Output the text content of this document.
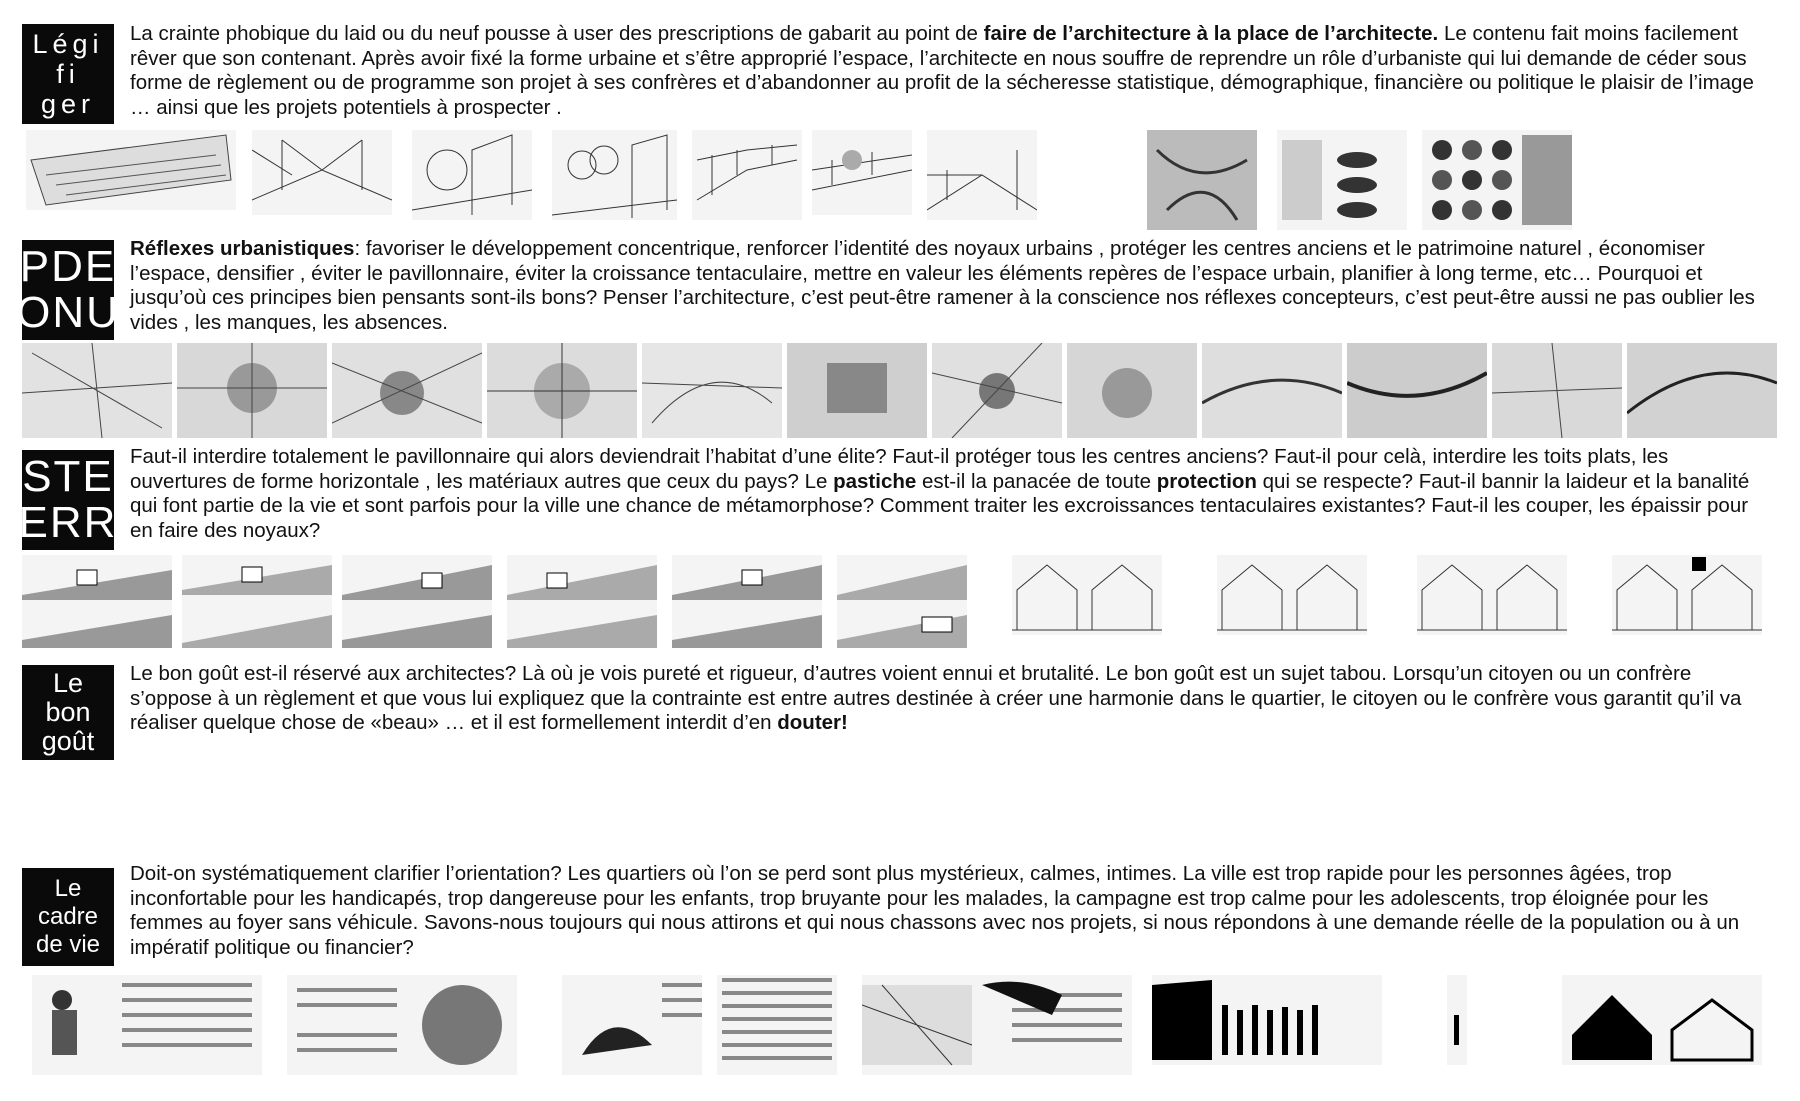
Légi
fi
ger
La crainte phobique du laid ou du neuf pousse à user des prescriptions de gabarit au point de faire de l’architecture à la place de l’architecte. Le contenu fait moins facilement rêver que son contenant. Après avoir fixé la forme urbaine et s’être approprié l’espace, l’architecte en nous souffre de reprendre un rôle d’urbaniste qui lui demande de céder sous forme de règlement ou de programme son projet à ses confrères et d’abandonner au profit de la sécheresse statistique, démographique, financière ou politique le plaisir de l’image … ainsi que les projets potentiels à prospecter .
PDE
ONU
Réflexes urbanistiques: favoriser le développement concentrique, renforcer l’identité des noyaux urbains , protéger les centres anciens et le patrimoine naturel , économiser l’espace, densifier , éviter le pavillonnaire, éviter la croissance tentaculaire, mettre en valeur les éléments repères de l’espace urbain, planifier à long terme, etc… Pourquoi et jusqu’où ces principes bien pensants sont-ils bons? Penser l’architecture, c’est peut-être ramener à la conscience nos réflexes concepteurs, c’est peut-être aussi ne pas oublier les vides , les manques, les absences.
STE
ERR
Faut-il interdire totalement le pavillonnaire qui alors deviendrait l’habitat d’une élite? Faut-il protéger tous les centres anciens? Faut-il pour celà, interdire les toits plats, les ouvertures de forme horizontale , les matériaux autres que ceux du pays? Le pastiche est-il la panacée de toute protection qui se respecte? Faut-il bannir la laideur et la banalité qui font partie de la vie et sont parfois pour la ville une chance de métamorphose? Comment traiter les excroissances tentaculaires existantes? Faut-il les couper, les épaissir pour en faire des noyaux?
Le
bon
goût
Le bon goût est-il réservé aux architectes? Là où je vois pureté et rigueur, d’autres voient ennui et brutalité. Le bon goût est un sujet tabou. Lorsqu’un citoyen ou un confrère s’oppose à un règlement et que vous lui expliquez que la contrainte est entre autres destinée à créer une harmonie dans le quartier, le citoyen ou le confrère vous garantit qu’il va réaliser quelque chose de «beau» … et il est formellement interdit d’en douter!
Le
cadre
de vie
Doit-on systématiquement clarifier l’orientation? Les quartiers où l’on se perd sont plus mystérieux, calmes, intimes. La ville est trop rapide pour les personnes âgées, trop inconfortable pour les handicapés, trop dangereuse pour les enfants, trop bruyante pour les malades, la campagne est trop calme pour les adolescents, trop éloignée pour les femmes au foyer sans véhicule. Savons-nous toujours qui nous attirons et qui nous chassons avec nos projets, si nous répondons à une demande réelle de la population ou à un impératif politique ou financier?
